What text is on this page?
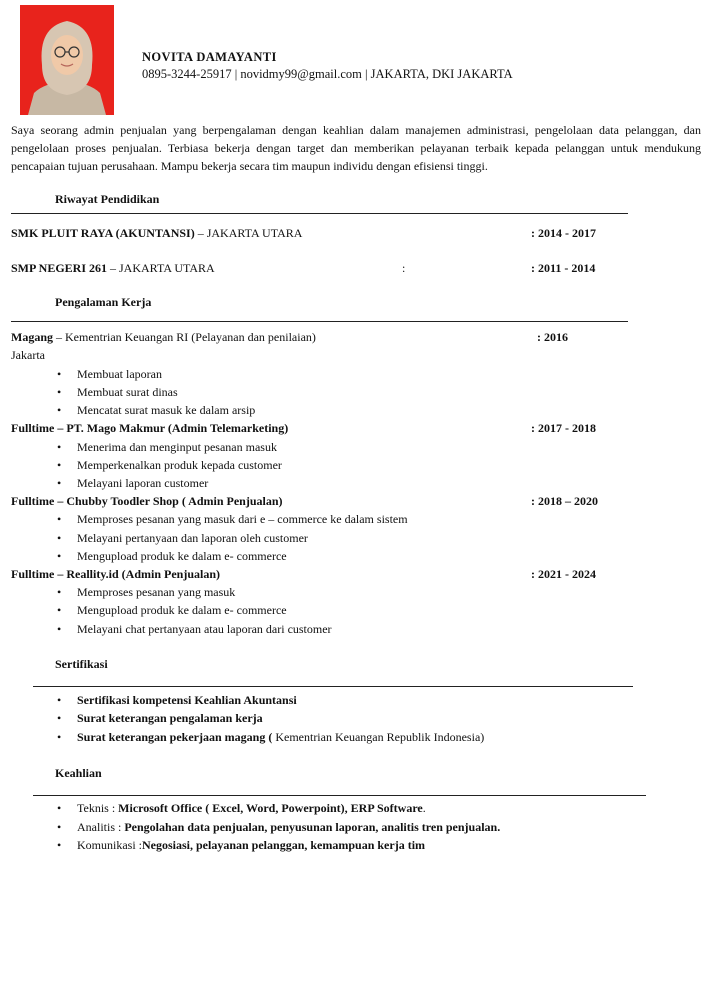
NOVITA DAMAYANTI
0895-3244-25917 | novidmy99@gmail.com | JAKARTA, DKI JAKARTA
Saya seorang admin penjualan yang berpengalaman dengan keahlian dalam manajemen administrasi, pengelolaan data pelanggan, dan pengelolaan proses penjualan. Terbiasa bekerja dengan target dan memberikan pelayanan terbaik kepada pelanggan untuk mendukung pencapaian tujuan perusahaan. Mampu bekerja secara tim maupun individu dengan efisiensi tinggi.
Riwayat Pendidikan
SMK PLUIT RAYA (AKUNTANSI) – JAKARTA UTARA	: 2014 - 2017
SMP NEGERI 261 – JAKARTA UTARA	:	: 2011 - 2014
Pengalaman Kerja
Magang – Kementrian Keuangan RI (Pelayanan dan penilaian)	: 2016
Jakarta
• Membuat laporan
• Membuat surat dinas
• Mencatat surat masuk ke dalam arsip
Fulltime – PT. Mago Makmur (Admin Telemarketing)	: 2017 - 2018
• Menerima dan menginput pesanan masuk
• Memperkenalkan produk kepada customer
• Melayani laporan customer
Fulltime – Chubby Toodler Shop ( Admin Penjualan)	: 2018 – 2020
• Memproses pesanan yang masuk dari e – commerce ke dalam sistem
• Melayani pertanyaan dan laporan oleh customer
• Mengupload produk ke dalam e- commerce
Fulltime – Reallity.id (Admin Penjualan)	: 2021 - 2024
• Memproses pesanan yang masuk
• Mengupload produk ke dalam e- commerce
• Melayani chat pertanyaan atau laporan dari customer
Sertifikasi
• Sertifikasi kompetensi Keahlian Akuntansi
• Surat keterangan pengalaman kerja
• Surat keterangan pekerjaan magang ( Kementrian Keuangan Republik Indonesia)
Keahlian
• Teknis : Microsoft Office ( Excel, Word, Powerpoint), ERP Software.
• Analitis : Pengolahan data penjualan, penyusunan laporan, analitis tren penjualan.
• Komunikasi :Negosiasi, pelayanan pelanggan, kemampuan kerja tim
